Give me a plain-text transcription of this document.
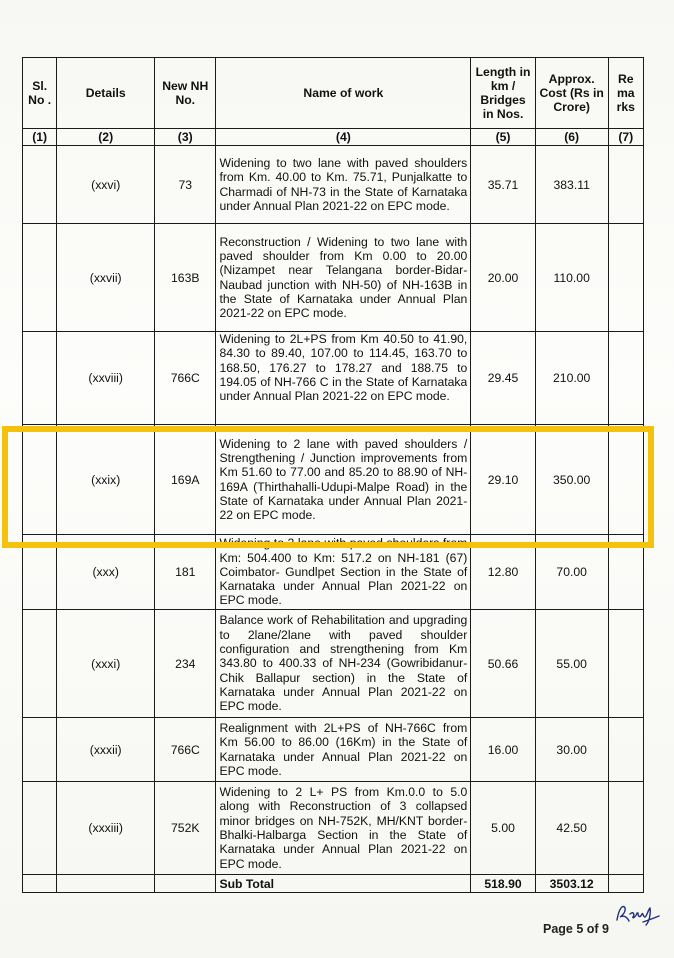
Sl. No .	Details	New NH No.	Name of work	Length in km / Bridges in Nos.	Approx. Cost (Rs in Crore)	Re ma rks
(1)	(2)	(3)	(4)	(5)	(6)	(7)
	(xxvi)	73	Widening to two lane with paved shoulders from Km. 40.00 to Km. 75.71, Punjalkatte to Charmadi of NH-73 in the State of Karnataka under Annual Plan 2021-22 on EPC mode.	35.71	383.11	
	(xxvii)	163B	Reconstruction / Widening to two lane with paved shoulder from Km 0.00 to 20.00 (Nizampet near Telangana border-Bidar-Naubad junction with NH-50) of NH-163B in the State of Karnataka under Annual Plan 2021-22 on EPC mode.	20.00	110.00	
	(xxviii)	766C	Widening to 2L+PS from Km 40.50 to 41.90, 84.30 to 89.40, 107.00 to 114.45, 163.70 to 168.50, 176.27 to 178.27 and 188.75 to 194.05 of NH-766 C in the State of Karnataka under Annual Plan 2021-22 on EPC mode.	29.45	210.00	
	(xxix)	169A	Widening to 2 lane with paved shoulders / Strengthening / Junction improvements from Km 51.60 to 77.00 and 85.20 to 88.90 of NH-169A (Thirthahalli-Udupi-Malpe Road) in the State of Karnataka under Annual Plan 2021-22 on EPC mode.	29.10	350.00	
	(xxx)	181	Widening to 2 lane with paved shoulders from Km: 504.400 to Km: 517.2 on NH-181 (67) Coimbator- Gundlpet Section in the State of Karnataka under Annual Plan 2021-22 on EPC mode.	12.80	70.00	
	(xxxi)	234	Balance work of Rehabilitation and upgrading to 2lane/2lane with paved shoulder configuration and strengthening from Km 343.80 to 400.33 of NH-234 (Gowribidanur-Chik Ballapur section) in the State of Karnataka under Annual Plan 2021-22 on EPC mode.	50.66	55.00	
	(xxxii)	766C	Realignment with 2L+PS of NH-766C from Km 56.00 to 86.00 (16Km) in the State of Karnataka under Annual Plan 2021-22 on EPC mode.	16.00	30.00	
	(xxxiii)	752K	Widening to 2 L+ PS from Km.0.0 to 5.0 along with Reconstruction of 3 collapsed minor bridges on NH-752K, MH/KNT border-Bhalki-Halbarga Section in the State of Karnataka under Annual Plan 2021-22 on EPC mode.	5.00	42.50	
			Sub Total	518.90	3503.12	
Page 5 of 9
